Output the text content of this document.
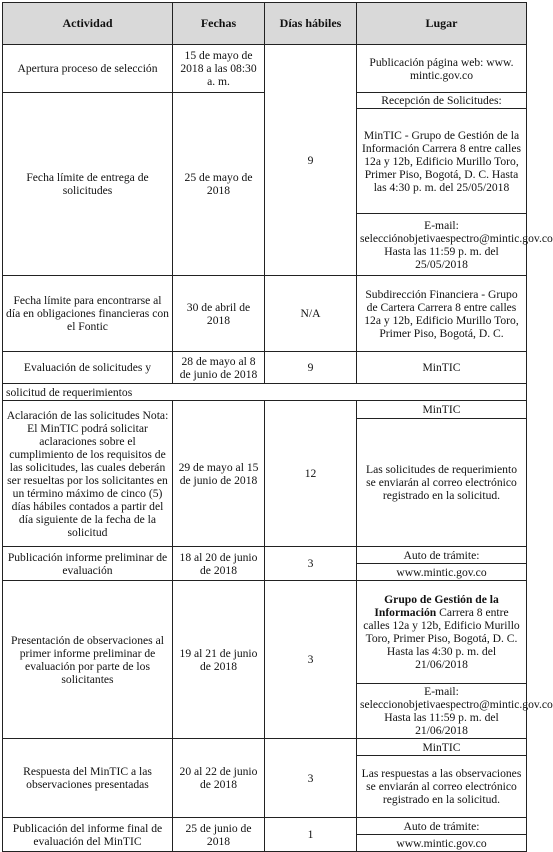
Actividad	Fechas	Días hábiles	Lugar
Apertura proceso de selección	15 de mayo de 2018 a las 08:30 a. m.	9	Publicación página web: www. mintic.gov.co
Fecha límite de entrega de solicitudes	25 de mayo de 2018		Recepción de Solicitudes:
			MinTIC - Grupo de Gestión de la Información Carrera 8 entre calles 12a y 12b, Edificio Murillo Toro, Primer Piso, Bogotá, D. C. Hasta las 4:30 p. m. del 25/05/2018
			E-mail: selecciónobjetivaespectro@mintic.gov.co Hasta las 11:59 p. m. del 25/05/2018
Fecha límite para encontrarse al día en obligaciones financieras con el Fontic	30 de abril de 2018	N/A	Subdirección Financiera - Grupo de Cartera Carrera 8 entre calles 12a y 12b, Edificio Murillo Toro, Primer Piso, Bogotá, D. C.
Evaluación de solicitudes y	28 de mayo al 8 de junio de 2018	9	MinTIC
solicitud de requerimientos			
Aclaración de las solicitudes Nota: El MinTIC podrá solicitar aclaraciones sobre el cumplimiento de los requisitos de las solicitudes, las cuales deberán ser resueltas por los solicitantes en un término máximo de cinco (5) días hábiles contados a partir del día siguiente de la fecha de la solicitud	29 de mayo al 15 de junio de 2018	12	MinTIC
			Las solicitudes de requerimiento se enviarán al correo electrónico registrado en la solicitud.
Publicación informe preliminar de evaluación	18 al 20 de junio de 2018	3	Auto de trámite:
			www.mintic.gov.co
Presentación de observaciones al primer informe preliminar de evaluación por parte de los solicitantes	19 al 21 de junio de 2018	3	Grupo de Gestión de la Información Carrera 8 entre calles 12a y 12b, Edificio Murillo Toro, Primer Piso, Bogotá, D. C. Hasta las 4:30 p. m. del 21/06/2018
			E-mail: seleccionobjetivaespectro@mintic.gov.co Hasta las 11:59 p. m. del 21/06/2018
Respuesta del MinTIC a las observaciones presentadas	20 al 22 de junio de 2018	3	MinTIC
			Las respuestas a las observaciones se enviarán al correo electrónico registrado en la solicitud.
Publicación del informe final de evaluación del MinTIC	25 de junio de 2018	1	Auto de trámite:
			www.mintic.gov.co
